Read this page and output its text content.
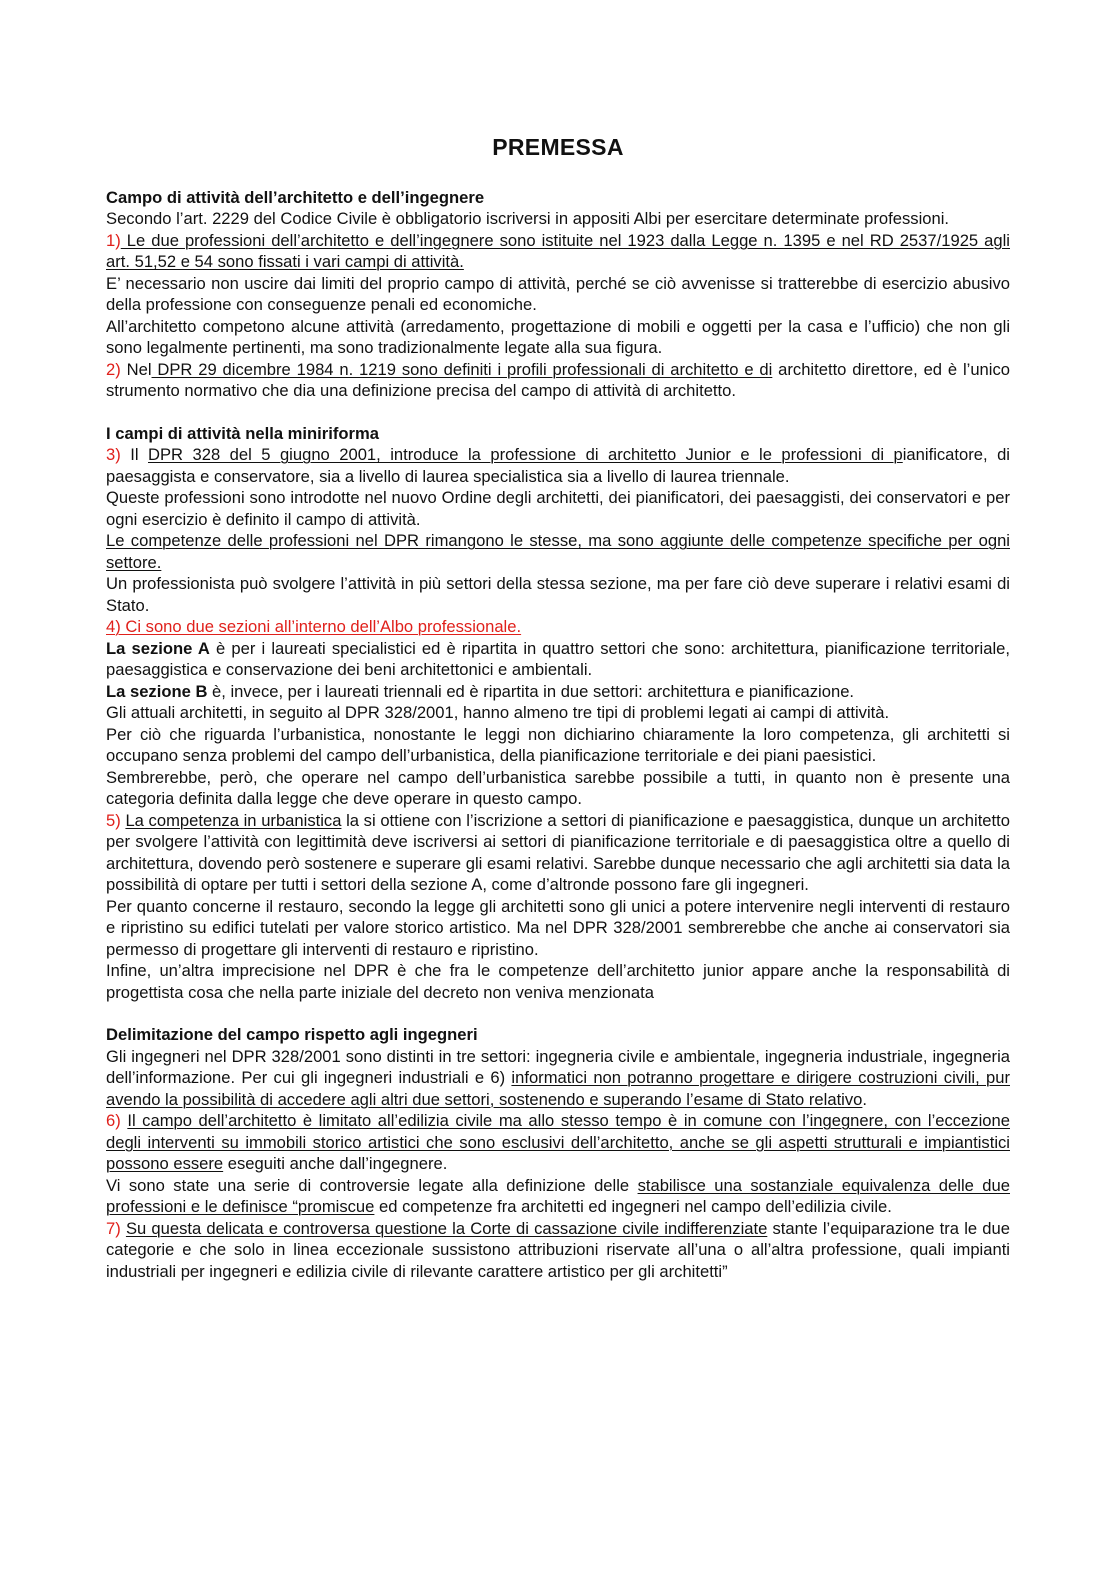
PREMESSA
Campo di attività dell’architetto e dell’ingegnere

Secondo l’art. 2229 del Codice Civile è obbligatorio iscriversi in appositi Albi per esercitare determinate professioni.

1) Le due professioni dell’architetto e dell’ingegnere sono istituite nel 1923 dalla Legge n. 1395 e nel RD 2537/1925 agli art. 51,52 e 54 sono fissati i vari campi di attività.

E’ necessario non uscire dai limiti del proprio campo di attività, perché se ciò avvenisse si tratterebbe di esercizio abusivo della professione con conseguenze penali ed economiche.

All’architetto competono alcune attività (arredamento, progettazione di mobili e oggetti per la casa e l’ufficio) che non gli sono legalmente pertinenti, ma sono tradizionalmente legate alla sua figura.

2) Nel DPR 29 dicembre 1984 n. 1219 sono definiti i profili professionali di architetto e di architetto direttore, ed è l’unico strumento normativo che dia una definizione precisa del campo di attività di architetto.

I campi di attività nella miniriforma

3) Il DPR 328 del 5 giugno 2001, introduce la professione di architetto Junior e le professioni di pianificatore, di paesaggista e conservatore, sia a livello di laurea specialistica sia a livello di laurea triennale.

Queste professioni sono introdotte nel nuovo Ordine degli architetti, dei pianificatori, dei paesaggisti, dei conservatori e per ogni esercizio è definito il campo di attività.

Le competenze delle professioni nel DPR rimangono le stesse, ma sono aggiunte delle competenze specifiche per ogni settore.

Un professionista può svolgere l’attività in più settori della stessa sezione, ma per fare ciò deve superare i relativi esami di Stato.

4) Ci sono due sezioni all’interno dell’Albo professionale.

La sezione A è per i laureati specialistici ed è ripartita in quattro settori che sono: architettura, pianificazione territoriale, paesaggistica e conservazione dei beni architettonici e ambientali.

La sezione B è, invece, per i laureati triennali ed è ripartita in due settori: architettura e pianificazione.

Gli attuali architetti, in seguito al DPR 328/2001, hanno almeno tre tipi di problemi legati ai campi di attività.

Per ciò che riguarda l’urbanistica, nonostante le leggi non dichiarino chiaramente la loro competenza, gli architetti si occupano senza problemi del campo dell’urbanistica, della pianificazione territoriale e dei piani paesistici.

Sembrerebbe, però, che operare nel campo dell’urbanistica sarebbe possibile a tutti, in quanto non è presente una categoria definita dalla legge che deve operare in questo campo.

5) La competenza in urbanistica la si ottiene con l’iscrizione a settori di pianificazione e paesaggistica, dunque un architetto per svolgere l’attività con legittimità deve iscriversi ai settori di pianificazione territoriale e di paesaggistica oltre a quello di architettura, dovendo però sostenere e superare gli esami relativi. Sarebbe dunque necessario che agli architetti sia data la possibilità di optare per tutti i settori della sezione A, come d’altronde possono fare gli ingegneri.

Per quanto concerne il restauro, secondo la legge gli architetti sono gli unici a potere intervenire negli interventi di restauro e ripristino su edifici tutelati per valore storico artistico. Ma nel DPR 328/2001 sembrerebbe che anche ai conservatori sia permesso di progettare gli interventi di restauro e ripristino.

Infine, un’altra imprecisione nel DPR è che fra le competenze dell’architetto junior appare anche la responsabilità di progettista cosa che nella parte iniziale del decreto non veniva menzionata

Delimitazione del campo rispetto agli ingegneri

Gli ingegneri nel DPR 328/2001 sono distinti in tre settori: ingegneria civile e ambientale, ingegneria industriale, ingegneria dell’informazione. Per cui gli ingegneri industriali e 6) informatici non potranno progettare e dirigere costruzioni civili, pur avendo la possibilità di accedere agli altri due settori, sostenendo e superando l’esame di Stato relativo.

6) Il campo dell’architetto è limitato all’edilizia civile ma allo stesso tempo è in comune con l’ingegnere, con l’eccezione degli interventi su immobili storico artistici che sono esclusivi dell’architetto, anche se gli aspetti strutturali e impiantistici possono essere eseguiti anche dall’ingegnere.

Vi sono state una serie di controversie legate alla definizione delle stabilisce una sostanziale equivalenza delle due professioni e le definisce “promiscue ed competenze fra architetti ed ingegneri nel campo dell’edilizia civile.

7) Su questa delicata e controversa questione la Corte di cassazione civile indifferenziate stante l’equiparazione tra le due categorie e che solo in linea eccezionale sussistono attribuzioni riservate all’una o all’altra professione, quali impianti industriali per ingegneri e edilizia civile di rilevante carattere artistico per gli architetti”
